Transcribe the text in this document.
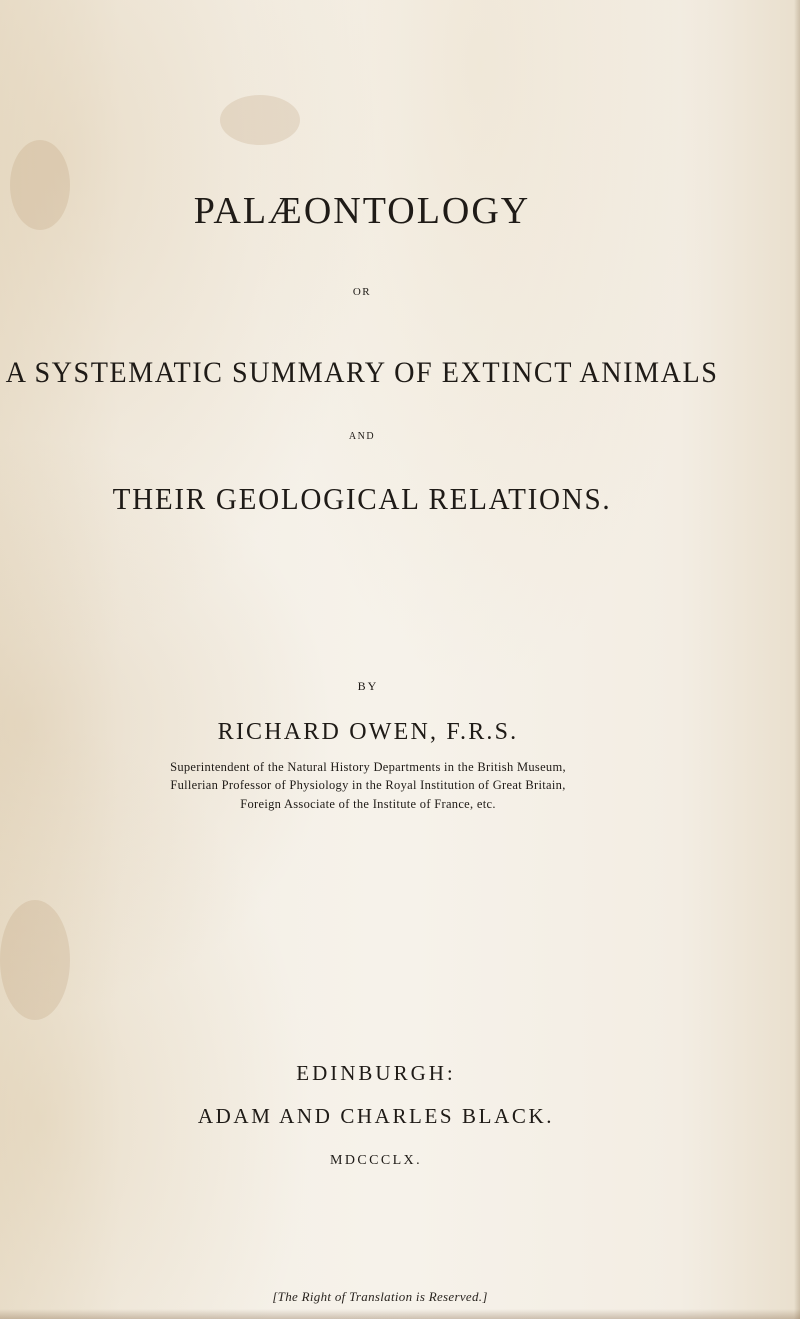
PALÆONTOLOGY
OR
A SYSTEMATIC SUMMARY OF EXTINCT ANIMALS
AND
THEIR GEOLOGICAL RELATIONS.
BY
RICHARD OWEN, F.R.S.
Superintendent of the Natural History Departments in the British Museum,
Fullerian Professor of Physiology in the Royal Institution of Great Britain,
Foreign Associate of the Institute of France, etc.
EDINBURGH:
ADAM AND CHARLES BLACK.
MDCCCLX.
[The Right of Translation is Reserved.]
